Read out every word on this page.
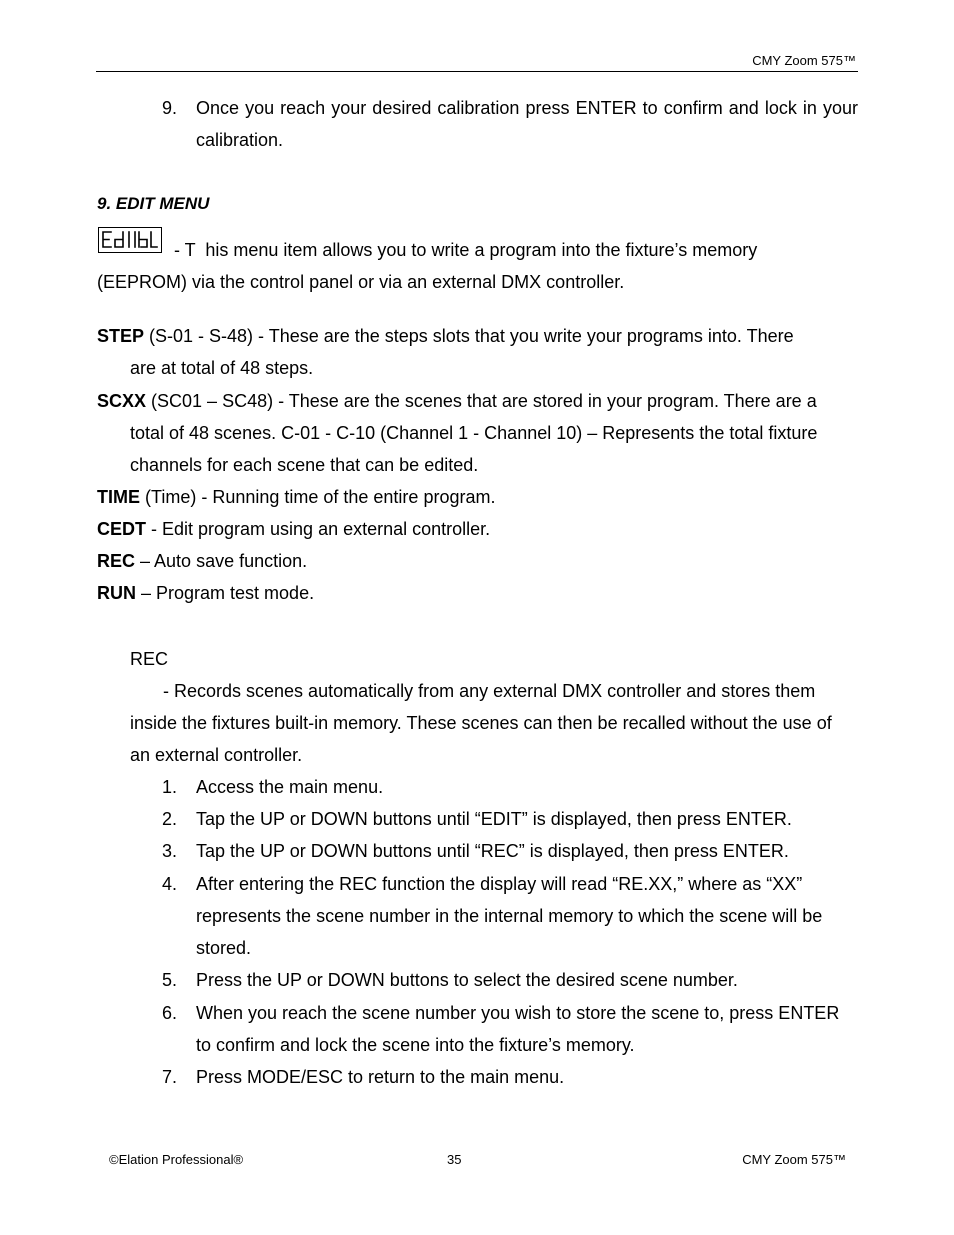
CMY Zoom 575™
9. Once you reach your desired calibration press ENTER to confirm and lock in your calibration.
9. EDIT MENU
- T  his menu item allows you to write a program into the fixture’s memory
(EEPROM) via the control panel or via an external DMX controller.
STEP (S-01 - S-48) - These are the steps slots that you write your programs into. There
are at total of 48 steps.
SCXX (SC01 – SC48) - These are the scenes that are stored in your program. There are a
total of 48 scenes. C-01 - C-10 (Channel 1 - Channel 10) – Represents the total fixture channels for each scene that can be edited.
TIME (Time) - Running time of the entire program.
CEDT - Edit program using an external controller.
REC – Auto save function.
RUN – Program test mode.
REC
- Records scenes automatically from any external DMX controller and stores them inside the fixtures built-in memory. These scenes can then be recalled without the use of an external controller.
1. Access the main menu.
2. Tap the UP or DOWN buttons until “EDIT” is displayed, then press ENTER.
3. Tap the UP or DOWN buttons until “REC” is displayed, then press ENTER.
4. After entering the REC function the display will read “RE.XX,” where as “XX” represents the scene number in the internal memory to which the scene will be stored.
5. Press the UP or DOWN buttons to select the desired scene number.
6. When you reach the scene number you wish to store the scene to, press ENTER to confirm and lock the scene into the fixture’s memory.
7. Press MODE/ESC to return to the main menu.
©Elation Professional®	35	CMY Zoom 575™
